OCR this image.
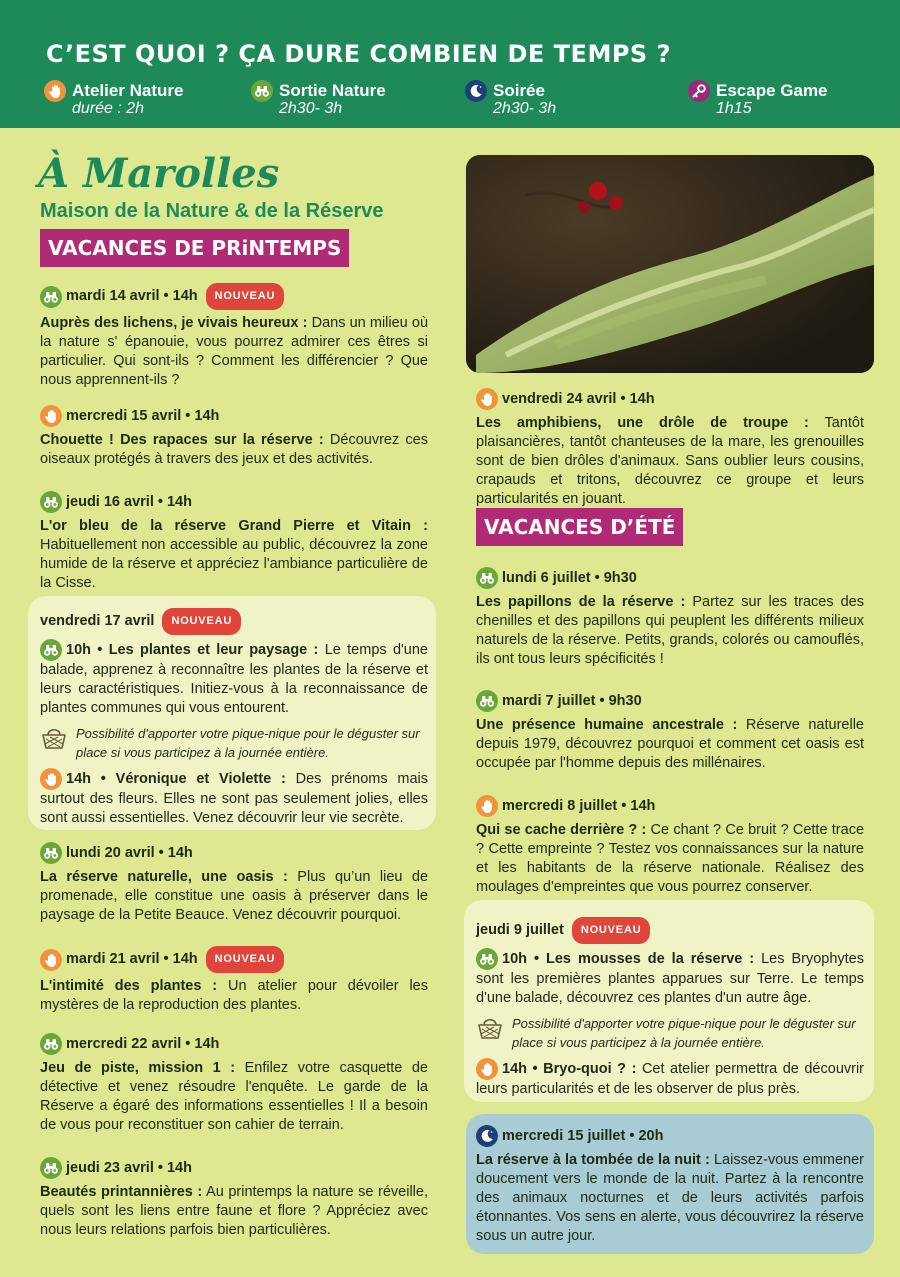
C’EST QUOI ? ÇA DURE COMBIEN DE TEMPS ?
Atelier Nature
durée : 2h
Sortie Nature
2h30- 3h
Soirée
2h30- 3h
Escape Game
1h15
À Marolles
Maison de la Nature & de la Réserve
VACANCES DE PRiNTEMPS
mardi 14 avril • 14h	NOUVEAU
Auprès des lichens, je vivais heureux : Dans un milieu où la nature s' épanouie, vous pourrez admirer ces êtres si particulier. Qui sont-ils ? Comment les différencier ? Que nous apprennent-ils ?
mercredi 15 avril • 14h
Chouette ! Des rapaces sur la réserve : Découvrez ces oiseaux protégés à travers des jeux et des activités.
jeudi 16 avril • 14h
L'or bleu de la réserve Grand Pierre et Vitain : Habituellement non accessible au public, découvrez la zone humide de la réserve et appréciez l'ambiance particulière de la Cisse.
vendredi 17 avril	NOUVEAU
10h • Les plantes et leur paysage : Le temps d'une balade, apprenez à reconnaître les plantes de la réserve et leurs caractéristiques. Initiez-vous à la reconnaissance de plantes communes qui vous entourent.
Possibilité d'apporter votre pique-nique pour le déguster sur place si vous participez à la journée entière.
14h • Véronique et Violette : Des prénoms mais surtout des fleurs. Elles ne sont pas seulement jolies, elles sont aussi essentielles. Venez découvrir leur vie secrète.
lundi 20 avril • 14h
La réserve naturelle, une oasis : Plus qu’un lieu de promenade, elle constitue une oasis à préserver dans le paysage de la Petite Beauce. Venez découvrir pourquoi.
mardi 21 avril • 14h	NOUVEAU
L'intimité des plantes : Un atelier pour dévoiler les mystères de la reproduction des plantes.
mercredi 22 avril • 14h
Jeu de piste, mission 1 : Enfilez votre casquette de détective et venez résoudre l'enquête. Le garde de la Réserve a égaré des informations essentielles ! Il a besoin de vous pour reconstituer son cahier de terrain.
jeudi 23 avril • 14h
Beautés printannières : Au printemps la nature se réveille, quels sont les liens entre faune et flore ? Appréciez avec nous leurs relations parfois bien particulières.
vendredi 24 avril • 14h
Les amphibiens, une drôle de troupe : Tantôt plaisancières, tantôt chanteuses de la mare, les grenouilles sont de bien drôles d'animaux. Sans oublier leurs cousins, crapauds et tritons, découvrez ce groupe et leurs particularités en jouant.
VACANCES D’ÉTÉ
lundi 6 juillet • 9h30
Les papillons de la réserve : Partez sur les traces des chenilles et des papillons qui peuplent les différents milieux naturels de la réserve. Petits, grands, colorés ou camouflés, ils ont tous leurs spécificités !
mardi 7 juillet • 9h30
Une présence humaine ancestrale : Réserve naturelle depuis 1979, découvrez pourquoi et comment cet oasis est occupée par l'homme depuis des millénaires.
mercredi 8 juillet • 14h
Qui se cache derrière ? : Ce chant ? Ce bruit ? Cette trace ? Cette empreinte ? Testez vos connaissances sur la nature et les habitants de la réserve nationale. Réalisez des moulages d'empreintes que vous pourrez conserver.
jeudi 9 juillet	NOUVEAU
10h • Les mousses de la réserve : Les Bryophytes sont les premières plantes apparues sur Terre. Le temps d'une balade, découvrez ces plantes d'un autre âge.
Possibilité d'apporter votre pique-nique pour le déguster sur place si vous participez à la journée entière.
14h • Bryo-quoi ? : Cet atelier permettra de découvrir leurs particularités et de les observer de plus près.
mercredi 15 juillet • 20h
La réserve à la tombée de la nuit : Laissez-vous emmener doucement vers le monde de la nuit. Partez à la rencontre des animaux nocturnes et de leurs activités parfois étonnantes. Vos sens en alerte, vous découvrirez la réserve sous un autre jour.
